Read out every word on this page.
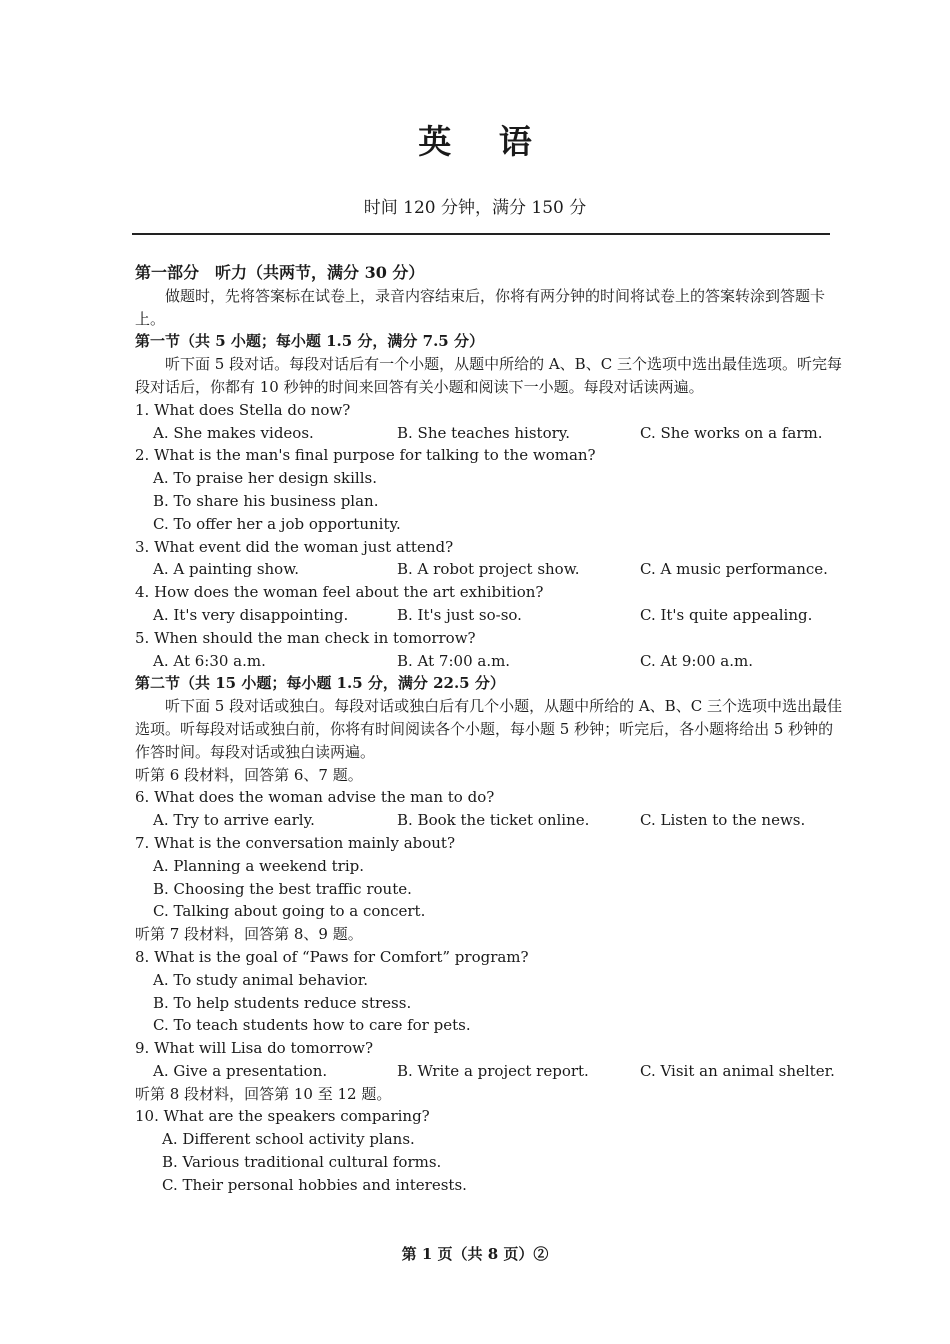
英 语
时间 120 分钟，满分 150 分
第一部分　听力（共两节，满分 30 分）
做题时，先将答案标在试卷上，录音内容结束后，你将有两分钟的时间将试卷上的答案转涂到答题卡上。
第一节（共 5 小题；每小题 1.5 分，满分 7.5 分）
听下面 5 段对话。每段对话后有一个小题，从题中所给的 A、B、C 三个选项中选出最佳选项。听完每段对话后，你都有 10 秒钟的时间来回答有关小题和阅读下一小题。每段对话读两遍。
1. What does Stella do now?
A. She makes videos.	B. She teaches history.	C. She works on a farm.
2. What is the man's final purpose for talking to the woman?
A. To praise her design skills.
B. To share his business plan.
C. To offer her a job opportunity.
3. What event did the woman just attend?
A. A painting show.	B. A robot project show.	C. A music performance.
4. How does the woman feel about the art exhibition?
A. It's very disappointing.	B. It's just so-so.	C. It's quite appealing.
5. When should the man check in tomorrow?
A. At 6:30 a.m.	B. At 7:00 a.m.	C. At 9:00 a.m.
第二节（共 15 小题；每小题 1.5 分，满分 22.5 分）
听下面 5 段对话或独白。每段对话或独白后有几个小题，从题中所给的 A、B、C 三个选项中选出最佳选项。听每段对话或独白前，你将有时间阅读各个小题，每小题 5 秒钟；听完后，各小题将给出 5 秒钟的作答时间。每段对话或独白读两遍。
听第 6 段材料，回答第 6、7 题。
6. What does the woman advise the man to do?
A. Try to arrive early.	B. Book the ticket online.	C. Listen to the news.
7. What is the conversation mainly about?
A. Planning a weekend trip.
B. Choosing the best traffic route.
C. Talking about going to a concert.
听第 7 段材料，回答第 8、9 题。
8. What is the goal of “Paws for Comfort” program?
A. To study animal behavior.
B. To help students reduce stress.
C. To teach students how to care for pets.
9. What will Lisa do tomorrow?
A. Give a presentation.	B. Write a project report.	C. Visit an animal shelter.
听第 8 段材料，回答第 10 至 12 题。
10. What are the speakers comparing?
A. Different school activity plans.
B. Various traditional cultural forms.
C. Their personal hobbies and interests.
第 1 页（共 8 页）②
